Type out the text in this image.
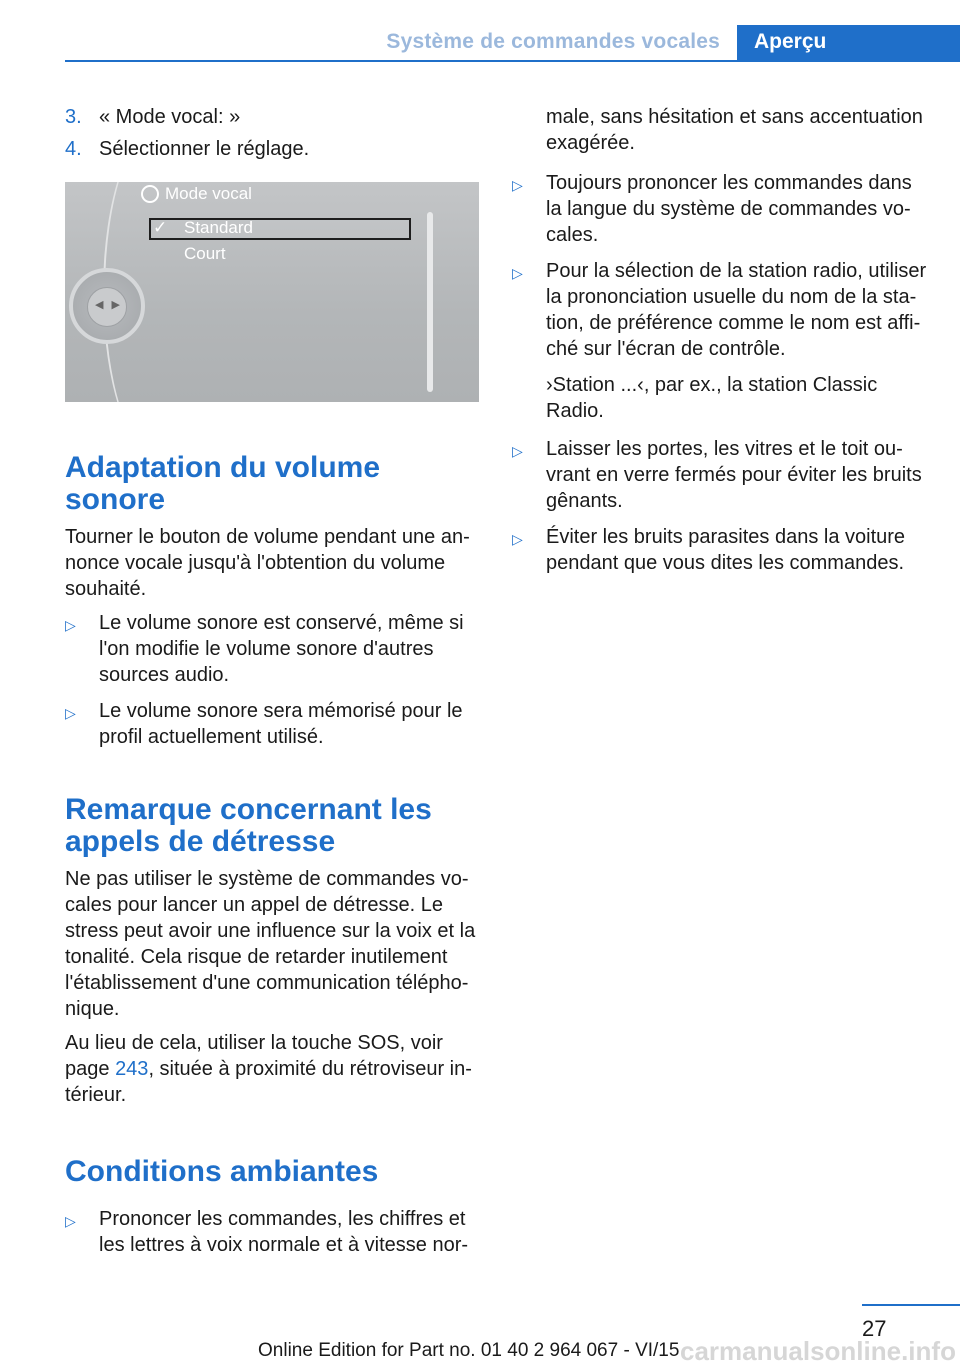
Système de commandes vocales	Aperçu
3. « Mode vocal: »
4. Sélectionner le réglage.
Mode vocal
✓ Standard
Court
◀▶
Adaptation du volume sonore

Tourner le bouton de volume pendant une an‐nonce vocale jusqu'à l'obtention du volume souhaité.

▷	Le volume sonore est conservé, même si l'on modifie le volume sonore d'autres sources audio.
▷	Le volume sonore sera mémorisé pour le profil actuellement utilisé.
Remarque concernant les appels de détresse

Ne pas utiliser le système de commandes vo‐cales pour lancer un appel de détresse. Le stress peut avoir une influence sur la voix et la tonalité. Cela risque de retarder inutilement l'établissement d'une communication télépho‐nique.

Au lieu de cela, utiliser la touche SOS, voir page 243, située à proximité du rétroviseur in‐térieur.

Conditions ambiantes
▷	Prononcer les commandes, les chiffres et les lettres à voix normale et à vitesse nor‐

male, sans hésitation et sans accentuation exagérée.

▷	Toujours prononcer les commandes dans la langue du système de commandes vo‐cales.
▷	Pour la sélection de la station radio, utiliser la prononciation usuelle du nom de la sta‐tion, de préférence comme le nom est affi‐ché sur l'écran de contrôle.

›Station ...‹, par ex., la station Classic Radio.

▷	Laisser les portes, les vitres et le toit ou‐vrant en verre fermés pour éviter les bruits gênants.
▷	Éviter les bruits parasites dans la voiture pendant que vous dites les commandes.
27
Online Edition for Part no. 01 40 2 964 067 - VI/15 carmanualsonline.info
